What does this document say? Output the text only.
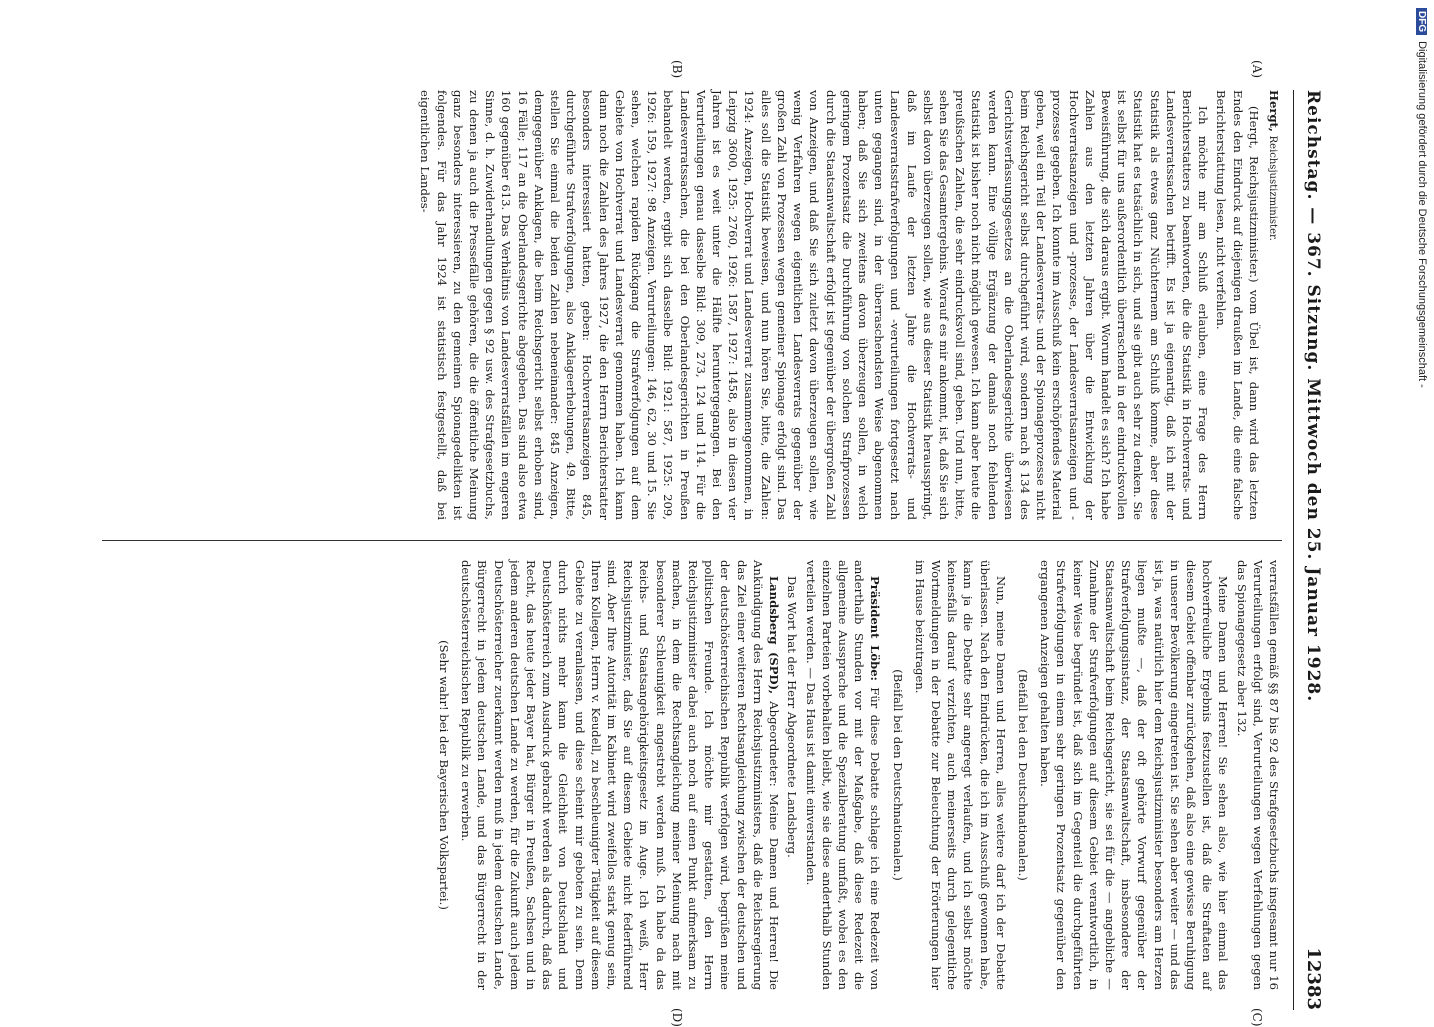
Reichstag. — 367. Sitzung. Mittwoch den 25. Januar 1928.
12383
(A)
(B)
(C)
(D)

Hergt, Reichsjustizminister.

(Hergt, Reichsjustizminister.) vom Übel ist, dann wird das letzten Endes den Eindruck auf diejenigen draußen im Lande, die eine falsche Berichterstattung lesen, nicht verfehlen.

Ich möchte mir am Schluß erlauben, eine Frage des Herrn Berichterstatters zu beantworten, die die Statistik in Hochverrats- und Landesverratssachen betrifft. Es ist ja eigenartig, daß ich mit der Statistik als etwas ganz Nüchternem am Schluß komme, aber diese Statistik hat es tatsächlich in sich, und sie gibt auch sehr zu denken. Sie ist selbst für uns außerordentlich überraschend in der eindrucksvollen Beweisführung, die sich daraus ergibt. Worum handelt es sich? Ich habe Zahlen aus den letzten Jahren über die Entwicklung der Hochverratsanzeigen und -prozesse, der Landesverratsanzeigen und -prozesse gegeben. Ich konnte im Ausschuß kein erschöpfendes Material geben, weil ein Teil der Landesverrats- und der Spionageprozesse nicht beim Reichsgericht selbst durchgeführt wird, sondern nach § 134 des Gerichtsverfassungsgesetzes an die Oberlandesgerichte überwiesen werden kann. Eine völlige Ergänzung der damals noch fehlenden Statistik ist bisher noch nicht möglich gewesen. Ich kann aber heute die preußischen Zahlen, die sehr eindrucksvoll sind, geben. Und nun, bitte, sehen Sie das Gesamtergebnis. Worauf es mir ankommt, ist, daß Sie sich selbst davon überzeugen sollen, wie aus dieser Statistik herausspringt, daß im Laufe der letzten Jahre die Hochverrats- und Landesverratsstrafverfolgungen und -verurteilungen fortgesetzt nach unten gegangen sind, in der überraschendsten Weise abgenommen haben; daß Sie sich zweitens davon überzeugen sollen, in welch geringem Prozentsatz die Durchführung von solchen Strafprozessen durch die Staatsanwaltschaft erfolgt ist gegenüber der übergroßen Zahl von Anzeigen, und daß Sie sich zuletzt davon überzeugen sollen, wie wenig Verfahren wegen eigentlichen Landesverrats gegenüber der großen Zahl von Prozessen wegen gemeiner Spionage erfolgt sind. Das alles soll die Statistik beweisen, und nun hören Sie, bitte, die Zahlen: 1924: Anzeigen, Hochverrat und Landesverrat zusammengenommen, in Leipzig 3600, 1925: 2760, 1926: 1587, 1927: 1458, also in diesen vier Jahren ist es weit unter die Hälfte heruntergegangen. Bei den Verurteilungen genau dasselbe Bild: 309, 273, 124 und 114. Für die Landesverratssachen, die bei den Oberlandesgerichten in Preußen behandelt werden, ergibt sich dasselbe Bild: 1921: 587, 1925: 209, 1926: 159, 1927: 98 Anzeigen. Verurteilungen: 146, 62, 30 und 15. Sie sehen, welchen rapiden Rückgang die Strafverfolgungen auf dem Gebiete von Hochverrat und Landesverrat genommen haben. Ich kann dann noch die Zahlen des Jahres 1927, die den Herrn Berichterstatter besonders interessiert hatten, geben: Hochverratsanzeigen 845, durchgeführte Strafverfolgungen, also Anklageerhebungen, 49. Bitte, stellen Sie einmal die beiden Zahlen nebeneinander: 845 Anzeigen, demgegenüber Anklagen, die beim Reichsgericht selbst erhoben sind, 16 Fälle; 117 an die Oberlandesgerichte abgegeben. Das sind also etwa 160 gegenüber 613. Das Verhältnis von Landesverratsfällen im engeren Sinne, d. h. Zuwiderhandlungen gegen § 92 usw. des Strafgesetzbuchs, zu denen ja auch die Pressefälle gehören, die die öffentliche Meinung ganz besonders interessieren, zu den gemeinen Spionagedelikten ist folgendes. Für das Jahr 1924 ist statistisch festgestellt, daß bei eigentlichen Landes-

verratsfällen gemäß §§ 87 bis 92 des Strafgesetzbuchs insgesamt nur 16 Verurteilungen erfolgt sind, Verurteilungen wegen Verfehlungen gegen das Spionagegesetz aber 132.

Meine Damen und Herren! Sie sehen also, wie hier einmal das hochverfreuliche Ergebnis festzustellen ist, daß die Straftaten auf diesem Gebiet offenbar zurückgehen, daß also eine gewisse Beruhigung in unserer Bevölkerung eingetreten ist. Sie sehen aber weiter — und das ist ja, was natürlich hier dem Reichsjustizminister besonders am Herzen liegen mußte —, daß der oft gehörte Vorwurf gegenüber der Strafverfolgungsinstanz, der Staatsanwaltschaft, insbesondere der Staatsanwaltschaft beim Reichsgericht, sie sei für die — angebliche — Zunahme der Strafverfolgungen auf diesem Gebiet verantwortlich, in keiner Weise begründet ist, daß sich im Gegenteil die durchgeführten Strafverfolgungen in einem sehr geringen Prozentsatz gegenüber den ergangenen Anzeigen gehalten haben.

(Beifall bei den Deutschnationalen.)

Nun, meine Damen und Herren, alles weitere darf ich der Debatte überlassen. Nach den Eindrücken, die ich im Ausschuß gewonnen habe, kann ja die Debatte sehr angeregt verlaufen, und ich selbst möchte keinesfalls darauf verzichten, auch meinerseits durch gelegentliche Wortmeldungen in der Debatte zur Beleuchtung der Erörterungen hier im Hause beizutragen.

(Beifall bei den Deutschnationalen.)

Präsident Löbe: Für diese Debatte schlage ich eine Redezeit von anderthalb Stunden vor mit der Maßgabe, daß diese Redezeit die allgemeine Aussprache und die Spezialberatung umfaßt, wobei es den einzelnen Parteien vorbehalten bleibt, wie sie diese anderthalb Stunden verteilen werden. — Das Haus ist damit einverstanden.

Das Wort hat der Herr Abgeordnete Landsberg.

Landsberg (SPD), Abgeordneter: Meine Damen und Herren! Die Ankündigung des Herrn Reichsjustizministers, daß die Reichsregierung das Ziel einer weiteren Rechtsangleichung zwischen der deutschen und der deutschösterreichischen Republik verfolgen wird, begrüßen meine politischen Freunde. Ich möchte mir gestatten, den Herrn Reichsjustizminister dabei auch noch auf einen Punkt aufmerksam zu machen, in dem die Rechtsangleichung meiner Meinung nach mit besonderer Schleunigkeit angestrebt werden muß. Ich habe da das Reichs- und Staatsangehörigkeitsgesetz im Auge. Ich weiß, Herr Reichsjustizminister, daß Sie auf diesem Gebiete nicht federführend sind. Aber Ihre Autorität im Kabinett wird zweifellos stark genug sein, Ihren Kollegen, Herrn v. Keudell, zu beschleunigter Tätigkeit auf diesem Gebiete zu veranlassen, und diese scheint mir geboten zu sein. Denn durch nichts mehr kann die Gleichheit von Deutschland und Deutschösterreich zum Ausdruck gebracht werden als dadurch, daß das Recht, das heute jeder Bayer hat, Bürger in Preußen, Sachsen und in jedem anderen deutschen Lande zu werden, für die Zukunft auch jedem Deutschösterreicher zuerkannt werden muß in jedem deutschen Lande, Bürgerrecht in jedem deutschen Lande, und das Bürgerrecht in der deutschösterreichischen Republik zu erwerben.

(Sehr wahr! bei der Bayerischen Volkspartei.)

DFGDigitalisierung gefördert durch die Deutsche Forschungsgemeinschaft -
